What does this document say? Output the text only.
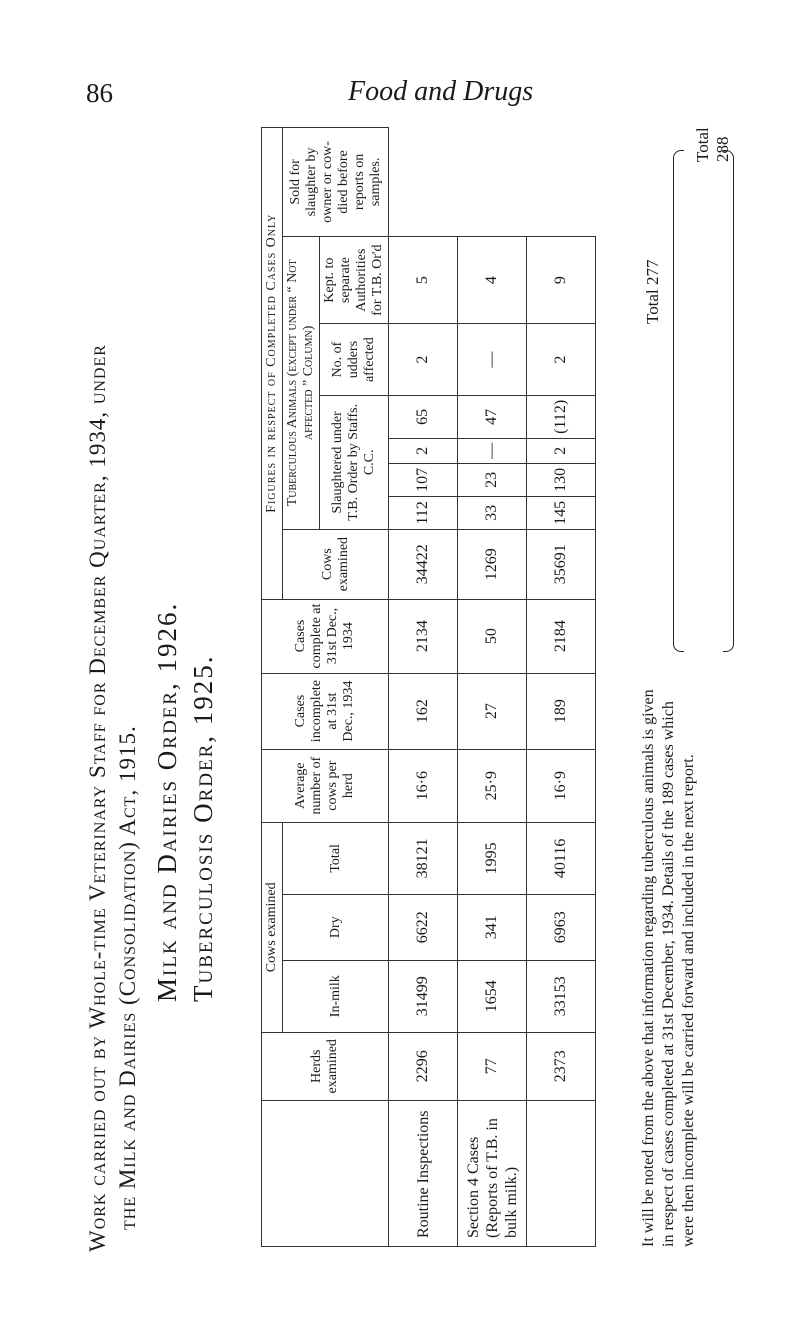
86	Food and Drugs
Work carried out by Whole-time Veterinary Staff for December Quarter, 1934, under the Milk and Dairies (Consolidation) Act, 1915. Milk and Dairies Order, 1926. Tuberculosis Order, 1925.
	Herds examined	Cows examined			Average number of cows per herd	Cases incomplete at 31st Dec., 1934	Cases complete at 31st Dec., 1934	Figures in respect of Completed Cases Only							
		In-milk	Dry	Total				Cows examined	Tuberculous Animals (except under “ Not affected ” Column)						Sold for slaughter by owner or cow-died before reports on samples.
									Slaughtered under T.B. Order by Staffs. C.C.				No. of udders affected	Kept. to separate Authorities for T.B. Or'd	
Routine Inspections	2296	31499	6622	38121	16·6	162	2134	34422	112	107	2	65	2	5	
Section 4 Cases (Reports of T.B. in bulk milk.)	77	1654	341	1995	25·9	27	50	1269	33	23	—	47	—	4	
	2373	33153	6963	40116	16·9	189	2184	35691	145	130	2	(112)	2	9	
It will be noted from the above that information regarding tuberculous animals is given in respect of cases completed at 31st December, 1934. Details of the 189 cases which were then incomplete will be carried forward and included in the next report.
Total 277
Total 288
